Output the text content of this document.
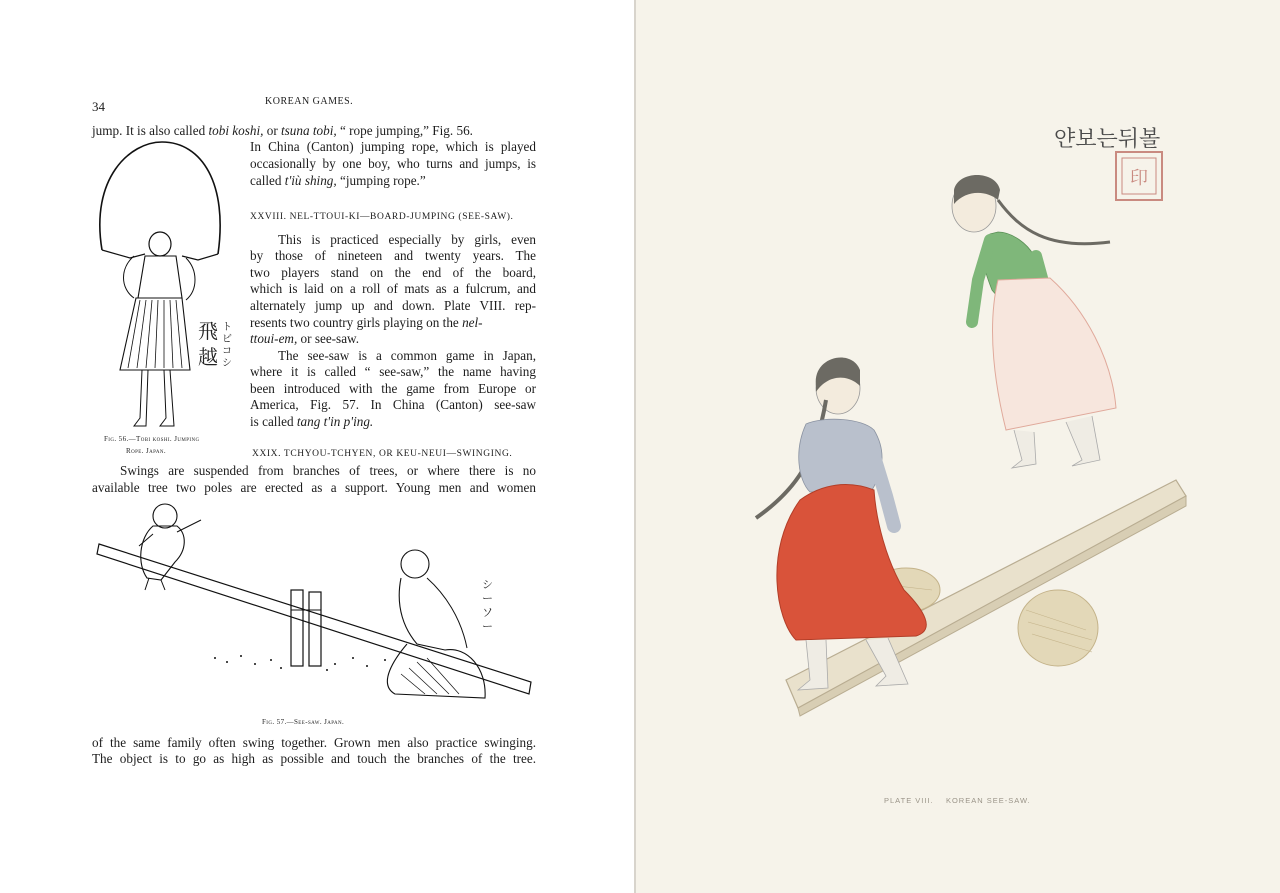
34	KOREAN GAMES.
jump. It is also called tobi koshi, or tsuna tobi, “ rope jumping,” Fig. 56.
In China (Canton) jumping rope, which is played
occasionally by one boy, who turns and jumps, is
called t'iù shing, “jumping rope.”
XXVIII. NEL-TTOUI-KI—BOARD-JUMPING (SEE-SAW).
This is practiced especially by girls, even
by those of nineteen and twenty years. The
two players stand on the end of the board,
which is laid on a roll of mats as a fulcrum, and
alternately jump up and down. Plate VIII. rep-
resents two country girls playing on the nel-
ttoui-em, or see-saw.
The see-saw is a common game in Japan,
where it is called “ see-saw,” the name having
been introduced with the game from Europe or
America, Fig. 57. In China (Canton) see-saw
is called tang t'in p'ing.
飛越
トビコシ
Fig. 56.—Tobi koshi. Jumping
Rope. Japan.	XXIX. TCHYOU-TCHYEN, OR KEU-NEUI—SWINGING.
Swings are suspended from branches of trees, or where there is no
available tree two poles are erected as a support. Young men and women
シーソー
Fig. 57.—See-saw. Japan.
of the same family often swing together. Grown men also practice swinging.
The object is to go as high as possible and touch the branches of the tree.
얀보는뒤볼
印
PLATE VIII.    KOREAN SEE-SAW.
